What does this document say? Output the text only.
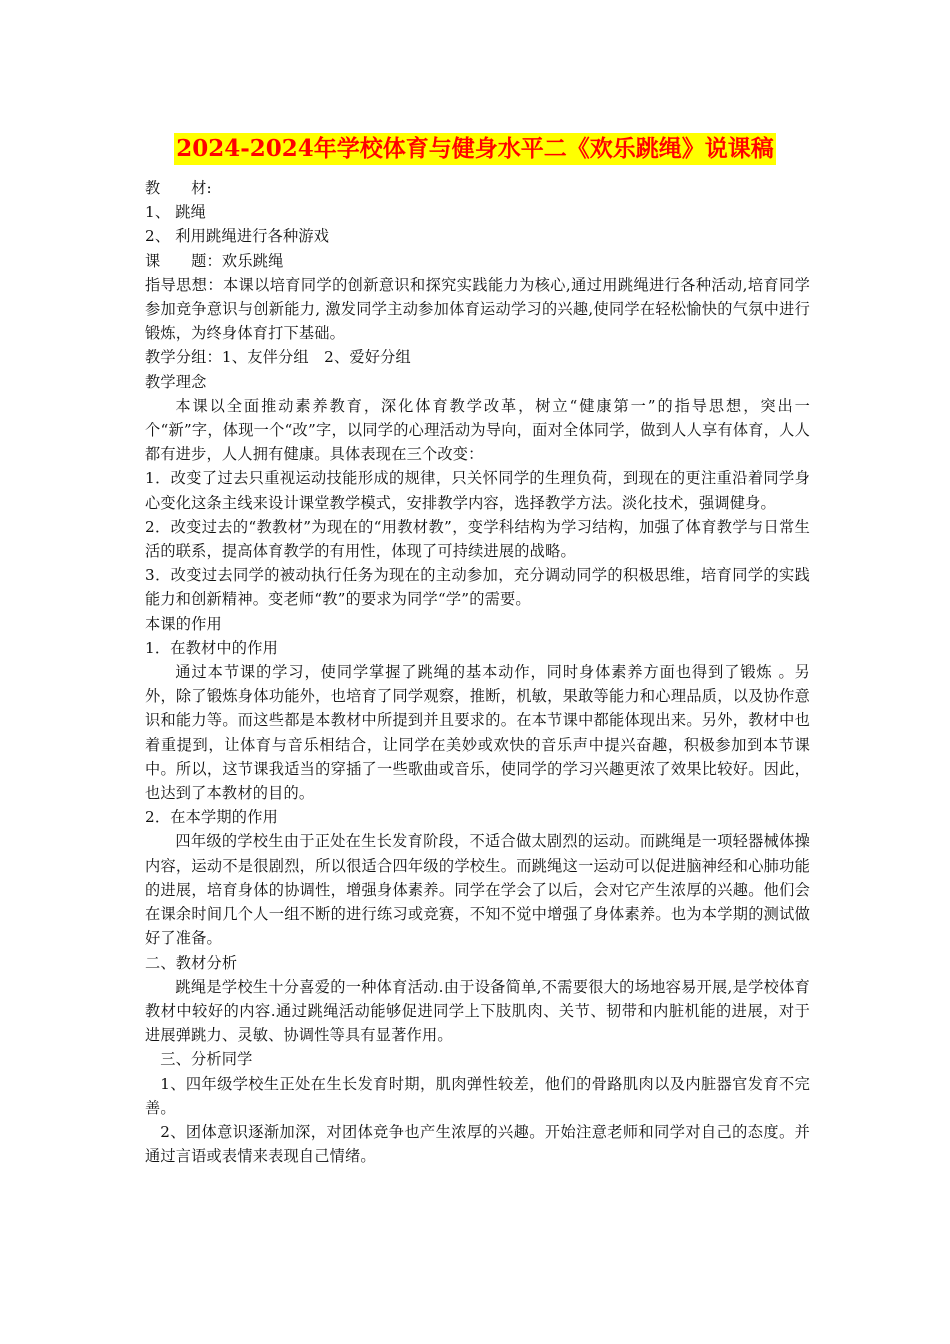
2024-2024年学校体育与健身水平二《欢乐跳绳》说课稿

教　　材:

1、 跳绳

2、 利用跳绳进行各种游戏

课　　题：欢乐跳绳

指导思想：本课以培育同学的创新意识和探究实践能力为核心,通过用跳绳进行各种活动,培育同学参加竞争意识与创新能力, 激发同学主动参加体育运动学习的兴趣,使同学在轻松愉快的气氛中进行锻炼，为终身体育打下基础。

教学分组：1、友伴分组　2、爱好分组

教学理念

本课以全面推动素养教育，深化体育教学改革，树立“健康第一”的指导思想，突出一个“新”字，体现一个“改”字，以同学的心理活动为导向，面对全体同学，做到人人享有体育，人人都有进步，人人拥有健康。具体表现在三个改变：

1．改变了过去只重视运动技能形成的规律，只关怀同学的生理负荷，到现在的更注重沿着同学身心变化这条主线来设计课堂教学模式，安排教学内容，选择教学方法。淡化技术，强调健身。

2．改变过去的“教教材”为现在的“用教材教”，变学科结构为学习结构，加强了体育教学与日常生活的联系，提高体育教学的有用性，体现了可持续进展的战略。

3．改变过去同学的被动执行任务为现在的主动参加，充分调动同学的积极思维，培育同学的实践能力和创新精神。变老师“教”的要求为同学“学”的需要。

本课的作用

1．在教材中的作用

通过本节课的学习，使同学掌握了跳绳的基本动作，同时身体素养方面也得到了锻炼 。另外，除了锻炼身体功能外，也培育了同学观察，推断，机敏，果敢等能力和心理品质，以及协作意识和能力等。而这些都是本教材中所提到并且要求的。在本节课中都能体现出来。另外，教材中也着重提到，让体育与音乐相结合，让同学在美妙或欢快的音乐声中提兴奋趣，积极参加到本节课中。所以，这节课我适当的穿插了一些歌曲或音乐，使同学的学习兴趣更浓了效果比较好。因此，也达到了本教材的目的。

2．在本学期的作用

四年级的学校生由于正处在生长发育阶段，不适合做太剧烈的运动。而跳绳是一项轻器械体操内容，运动不是很剧烈，所以很适合四年级的学校生。而跳绳这一运动可以促进脑神经和心肺功能的进展，培育身体的协调性，增强身体素养。同学在学会了以后，会对它产生浓厚的兴趣。他们会在课余时间几个人一组不断的进行练习或竞赛，不知不觉中增强了身体素养。也为本学期的测试做好了准备。

二、教材分析

跳绳是学校生十分喜爱的一种体育活动.由于设备简单,不需要很大的场地容易开展,是学校体育教材中较好的内容.通过跳绳活动能够促进同学上下肢肌肉、关节、韧带和内脏机能的进展，对于进展弹跳力、灵敏、协调性等具有显著作用。

三、分析同学

1、四年级学校生正处在生长发育时期，肌肉弹性较差，他们的骨路肌肉以及内脏器官发育不完善。

2、团体意识逐渐加深，对团体竞争也产生浓厚的兴趣。开始注意老师和同学对自己的态度。并通过言语或表情来表现自己情绪。
